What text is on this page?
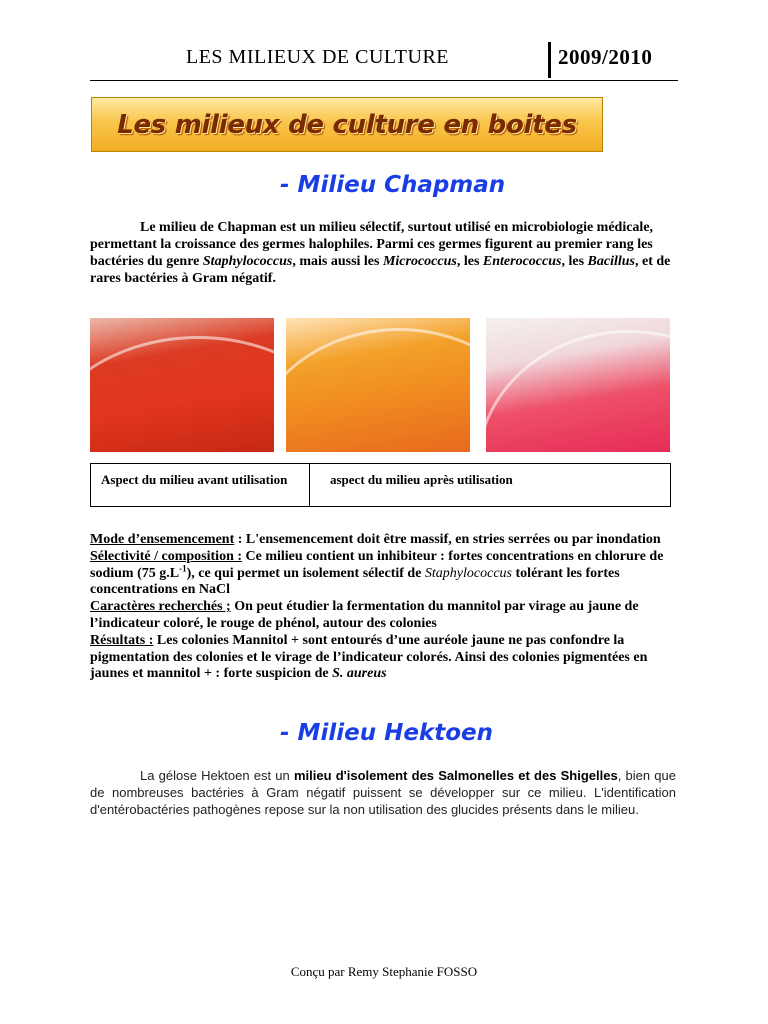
LES MILIEUX DE CULTURE	2009/2010
Les milieux de culture en boites
- Milieu Chapman
Le milieu de Chapman est un milieu sélectif, surtout utilisé en microbiologie médicale, permettant la croissance des germes halophiles. Parmi ces germes figurent au premier rang les bactéries du genre Staphylococcus, mais aussi les Micrococcus, les Enterococcus, les Bacillus, et de rares bactéries à Gram négatif.
Aspect du milieu avant utilisation	aspect du milieu après utilisation

Mode d’ensemencement : L'ensemencement doit être massif, en stries serrées ou par inondation

Sélectivité / composition : Ce milieu contient un inhibiteur : fortes concentrations en chlorure de sodium (75 $g.L^{-1}$), ce qui permet un isolement sélectif de Staphylococcus tolérant les fortes concentrations en NaCl

Caractères recherchés ; On peut étudier la fermentation du mannitol par virage au jaune de l’indicateur coloré, le rouge de phénol, autour des colonies

Résultats : Les colonies Mannitol + sont entourés d’une auréole jaune ne pas confondre la pigmentation des colonies et le virage de l’indicateur colorés. Ainsi des colonies pigmentées en jaunes et mannitol + : forte suspicion de S. aureus

- Milieu Hektoen
La gélose Hektoen est un milieu d'isolement des Salmonelles et des Shigelles, bien que de nombreuses bactéries à Gram négatif puissent se développer sur ce milieu. L'identification d'entérobactéries pathogènes repose sur la non utilisation des glucides présents dans le milieu.
Conçu par Remy Stephanie FOSSO
